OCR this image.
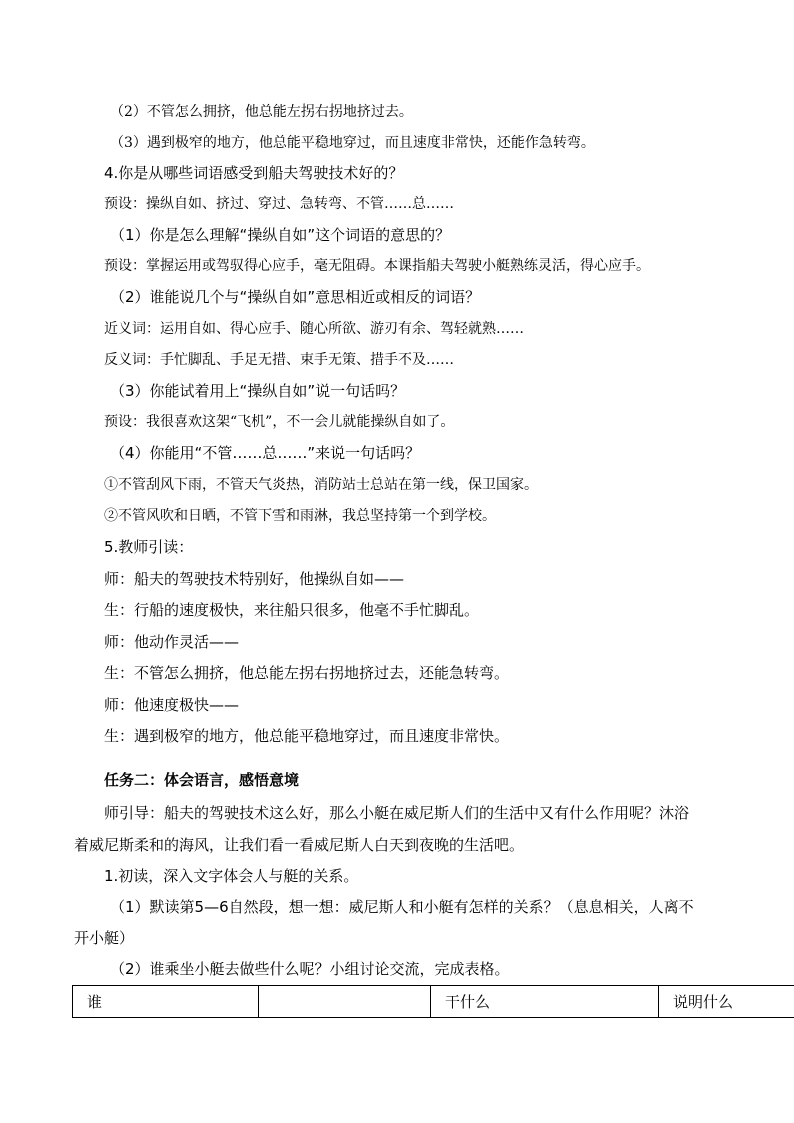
（2）不管怎么拥挤，他总能左拐右拐地挤过去。
（3）遇到极窄的地方，他总能平稳地穿过，而且速度非常快，还能作急转弯。
4.你是从哪些词语感受到船夫驾驶技术好的？
预设：操纵自如、挤过、穿过、急转弯、不管……总……
（1）你是怎么理解“操纵自如”这个词语的意思的？
预设：掌握运用或驾驭得心应手，毫无阻碍。本课指船夫驾驶小艇熟练灵活，得心应手。
（2）谁能说几个与“操纵自如”意思相近或相反的词语？
近义词：运用自如、得心应手、随心所欲、游刃有余、驾轻就熟……
反义词：手忙脚乱、手足无措、束手无策、措手不及……
（3）你能试着用上“操纵自如”说一句话吗？
预设：我很喜欢这架“飞机”，不一会儿就能操纵自如了。
（4）你能用“不管……总……”来说一句话吗？
①不管刮风下雨，不管天气炎热，消防站士总站在第一线，保卫国家。
②不管风吹和日晒，不管下雪和雨淋，我总坚持第一个到学校。
5.教师引读：
师：船夫的驾驶技术特别好，他操纵自如——
生：行船的速度极快，来往船只很多，他毫不手忙脚乱。
师：他动作灵活——
生：不管怎么拥挤，他总能左拐右拐地挤过去，还能急转弯。
师：他速度极快——
生：遇到极窄的地方，他总能平稳地穿过，而且速度非常快。
任务二：体会语言，感悟意境
师引导：船夫的驾驶技术这么好，那么小艇在威尼斯人们的生活中又有什么作用呢？沐浴
着威尼斯柔和的海风，让我们看一看威尼斯人白天到夜晚的生活吧。
1.初读，深入文字体会人与艇的关系。
（1）默读第5—6自然段，想一想：威尼斯人和小艇有怎样的关系？（息息相关，人离不
开小艇）
（2）谁乘坐小艇去做些什么呢？小组讨论交流，完成表格。
谁		干什么	说明什么
